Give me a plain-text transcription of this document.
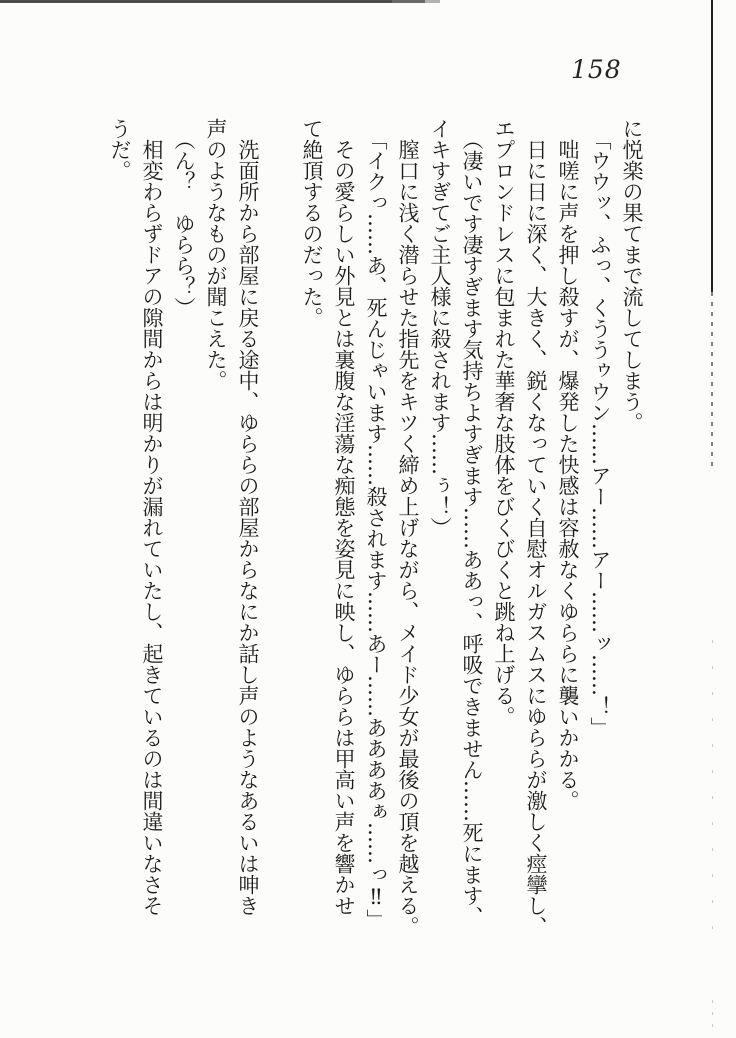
158
に悦楽の果てまで流してしまう。
「ウウッ、ふっ、くううゥウン……アー……アー……ッ……！」
咄嗟に声を押し殺すが、爆発した快感は容赦なくゆららに襲いかかる。
日に日に深く、大きく、鋭くなっていく自慰オルガスムスにゆららが激しく痙攣し、
エプロンドレスに包まれた華奢な肢体をびくびくと跳ね上げる。
（凄いです凄すぎます気持ちよすぎます……ああっ、呼吸できません……死にます、
イキすぎてご主人様に殺されます……ぅ！）
膣口に浅く潜らせた指先をキツく締め上げながら、メイド少女が最後の頂を越える。
「イクっ……あ、死んじゃいます……殺されます……あー……ああああぁ……っ‼」
その愛らしい外見とは裏腹な淫蕩な痴態を姿見に映し、ゆららは甲高い声を響かせ
て絶頂するのだった。
洗面所から部屋に戻る途中、ゆららの部屋からなにか話し声のようなあるいは呻き
声のようなものが聞こえた。
（ん？　ゆらら？）
相変わらずドアの隙間からは明かりが漏れていたし、起きているのは間違いなさそ
うだ。
